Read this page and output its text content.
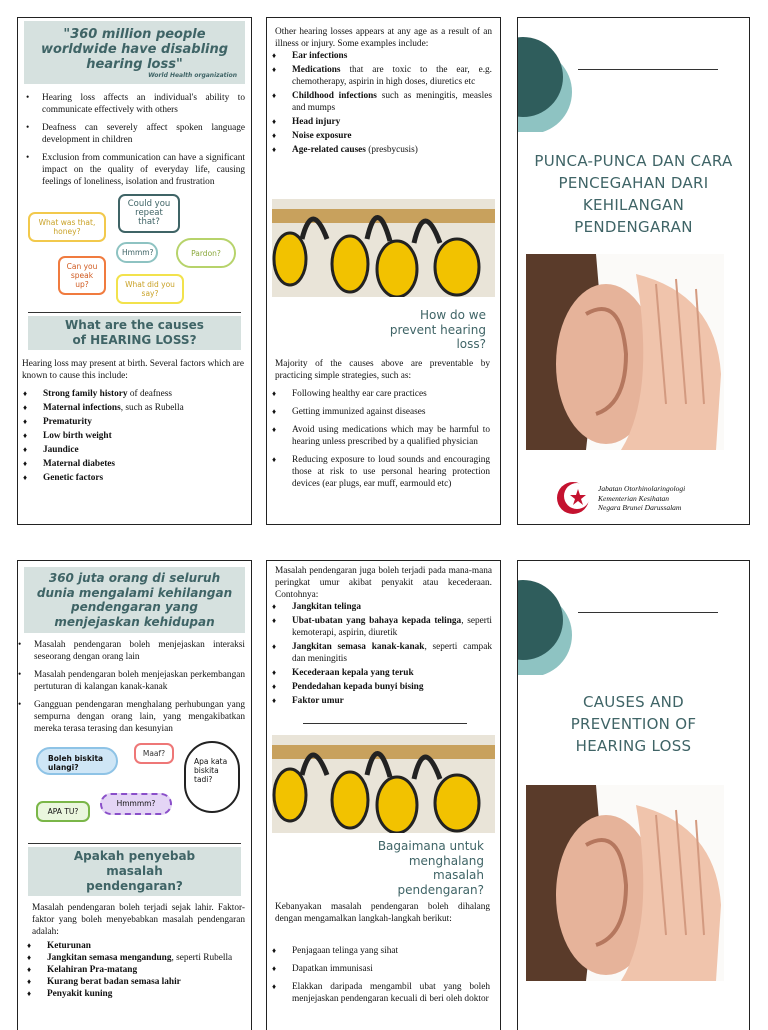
"360 million people worldwide have disabling hearing loss"
World Health organization
• Hearing loss affects an individual's ability to communicate effectively with others
• Deafness can severely affect spoken language development in children
• Exclusion from communication can have a significant impact on the quality of everyday life, causing feelings of loneliness, isolation and frustration
What was that, honey?
Could you repeat that?
Hmmm?	Pardon?
Can you speak up?	What did you say?
What are the causes of HEARING LOSS?
Hearing loss may present at birth. Several factors which are known to cause this include:
♦ Strong family history of deafness
♦ Maternal infections, such as Rubella
♦ Prematurity
♦ Low birth weight
♦ Jaundice
♦ Maternal diabetes
♦ Genetic factors
Other hearing losses appears at any age as a result of an illness or injury. Some examples include:
♦ Ear infections
♦ Medications that are toxic to the ear, e.g. chemotherapy, aspirin in high doses, diuretics etc
♦ Childhood infections such as meningitis, measles and mumps
♦ Head injury
♦ Noise exposure
♦ Age-related causes (presbycusis)
How do we prevent hearing loss?
Majority of the causes above are preventable by practicing simple strategies, such as:
♦ Following healthy ear care practices
♦ Getting immunized against diseases
♦ Avoid using medications which may be harmful to hearing unless prescribed by a qualified physician
♦ Reducing exposure to loud sounds and encouraging those at risk to use personal hearing protection devices (ear plugs, ear muff, earmould etc)
PUNCA-PUNCA DAN CARA PENCEGAHAN DARI KEHILANGAN PENDENGARAN
Jabatan Otorhinolaringologi
Kementerian Kesihatan
Negara Brunei Darussalam
360 juta orang di seluruh dunia mengalami kehilangan pendengaran yang menjejaskan kehidupan
• Masalah pendengaran boleh menjejaskan interaksi seseorang dengan orang lain
• Masalah pendengaran boleh menjejaskan perkembangan pertuturan di kalangan kanak-kanak
• Gangguan pendengaran menghalang perhubungan yang sempurna dengan orang lain, yang mengakibatkan mereka terasa terasing dan kesunyian
Boleh biskita ulangi?
Maaf?
Apa kata biskita tadi?
APA TU?
Hmmmm?
Apakah penyebab masalah pendengaran?
Masalah pendengaran boleh terjadi sejak lahir. Faktor-faktor yang boleh menyebabkan masalah pendengaran adalah:
♦ Keturunan
♦ Jangkitan semasa mengandung, seperti Rubella
♦ Kelahiran Pra-matang
♦ Kurang berat badan semasa lahir
♦ Penyakit kuning
Masalah pendengaran juga boleh terjadi pada mana-mana peringkat umur akibat penyakit atau kecederaan. Contohnya:
♦ Jangkitan telinga
♦ Ubat-ubatan yang bahaya kepada telinga, seperti kemoterapi, aspirin, diuretik
♦ Jangkitan semasa kanak-kanak, seperti campak dan meningitis
♦ Kecederaan kepala yang teruk
♦ Pendedahan kepada bunyi bising
♦ Faktor umur
Bagaimana untuk menghalang masalah pendengaran?
Kebanyakan masalah pendengaran boleh dihalang dengan mengamalkan langkah-langkah berikut:
♦ Penjagaan telinga yang sihat
♦ Dapatkan immunisasi
♦ Elakkan daripada mengambil ubat yang boleh menjejaskan pendengaran kecuali di beri oleh doktor
CAUSES AND PREVENTION OF HEARING LOSS
